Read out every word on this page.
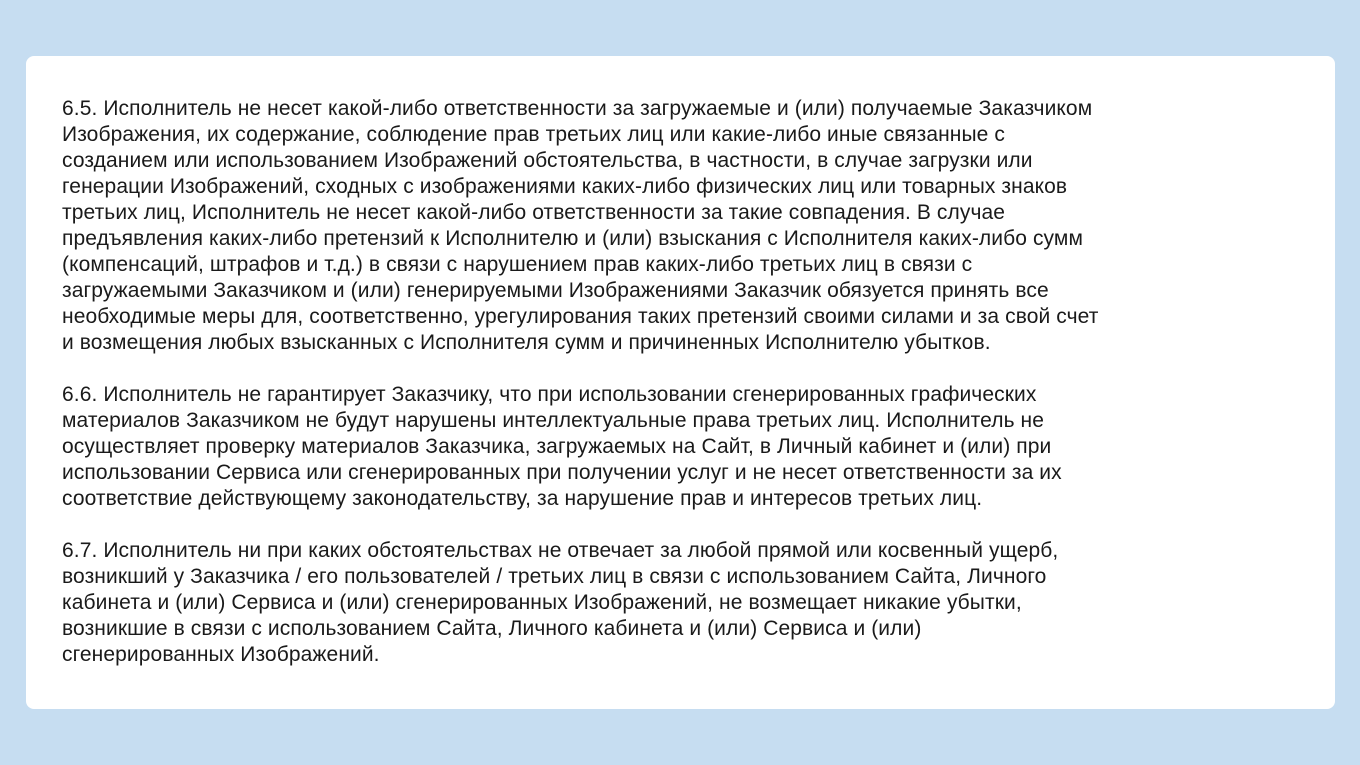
6.5. Исполнитель не несет какой-либо ответственности за загружаемые и (или) получаемые Заказчиком
Изображения, их содержание, соблюдение прав третьих лиц или какие-либо иные связанные с
созданием или использованием Изображений обстоятельства, в частности, в случае загрузки или
генерации Изображений, сходных с изображениями каких-либо физических лиц или товарных знаков
третьих лиц, Исполнитель не несет какой-либо ответственности за такие совпадения. В случае
предъявления каких-либо претензий к Исполнителю и (или) взыскания с Исполнителя каких-либо сумм
(компенсаций, штрафов и т.д.) в связи с нарушением прав каких-либо третьих лиц в связи с
загружаемыми Заказчиком и (или) генерируемыми Изображениями Заказчик обязуется принять все
необходимые меры для, соответственно, урегулирования таких претензий своими силами и за свой счет
и возмещения любых взысканных с Исполнителя сумм и причиненных Исполнителю убытков.

6.6. Исполнитель не гарантирует Заказчику, что при использовании сгенерированных графических
материалов Заказчиком не будут нарушены интеллектуальные права третьих лиц. Исполнитель не
осуществляет проверку материалов Заказчика, загружаемых на Сайт, в Личный кабинет и (или) при
использовании Сервиса или сгенерированных при получении услуг и не несет ответственности за их
соответствие действующему законодательству, за нарушение прав и интересов третьих лиц.

6.7. Исполнитель ни при каких обстоятельствах не отвечает за любой прямой или косвенный ущерб,
возникший у Заказчика / его пользователей / третьих лиц в связи с использованием Сайта, Личного
кабинета и (или) Сервиса и (или) сгенерированных Изображений, не возмещает никакие убытки,
возникшие в связи с использованием Сайта, Личного кабинета и (или) Сервиса и (или)
сгенерированных Изображений.
